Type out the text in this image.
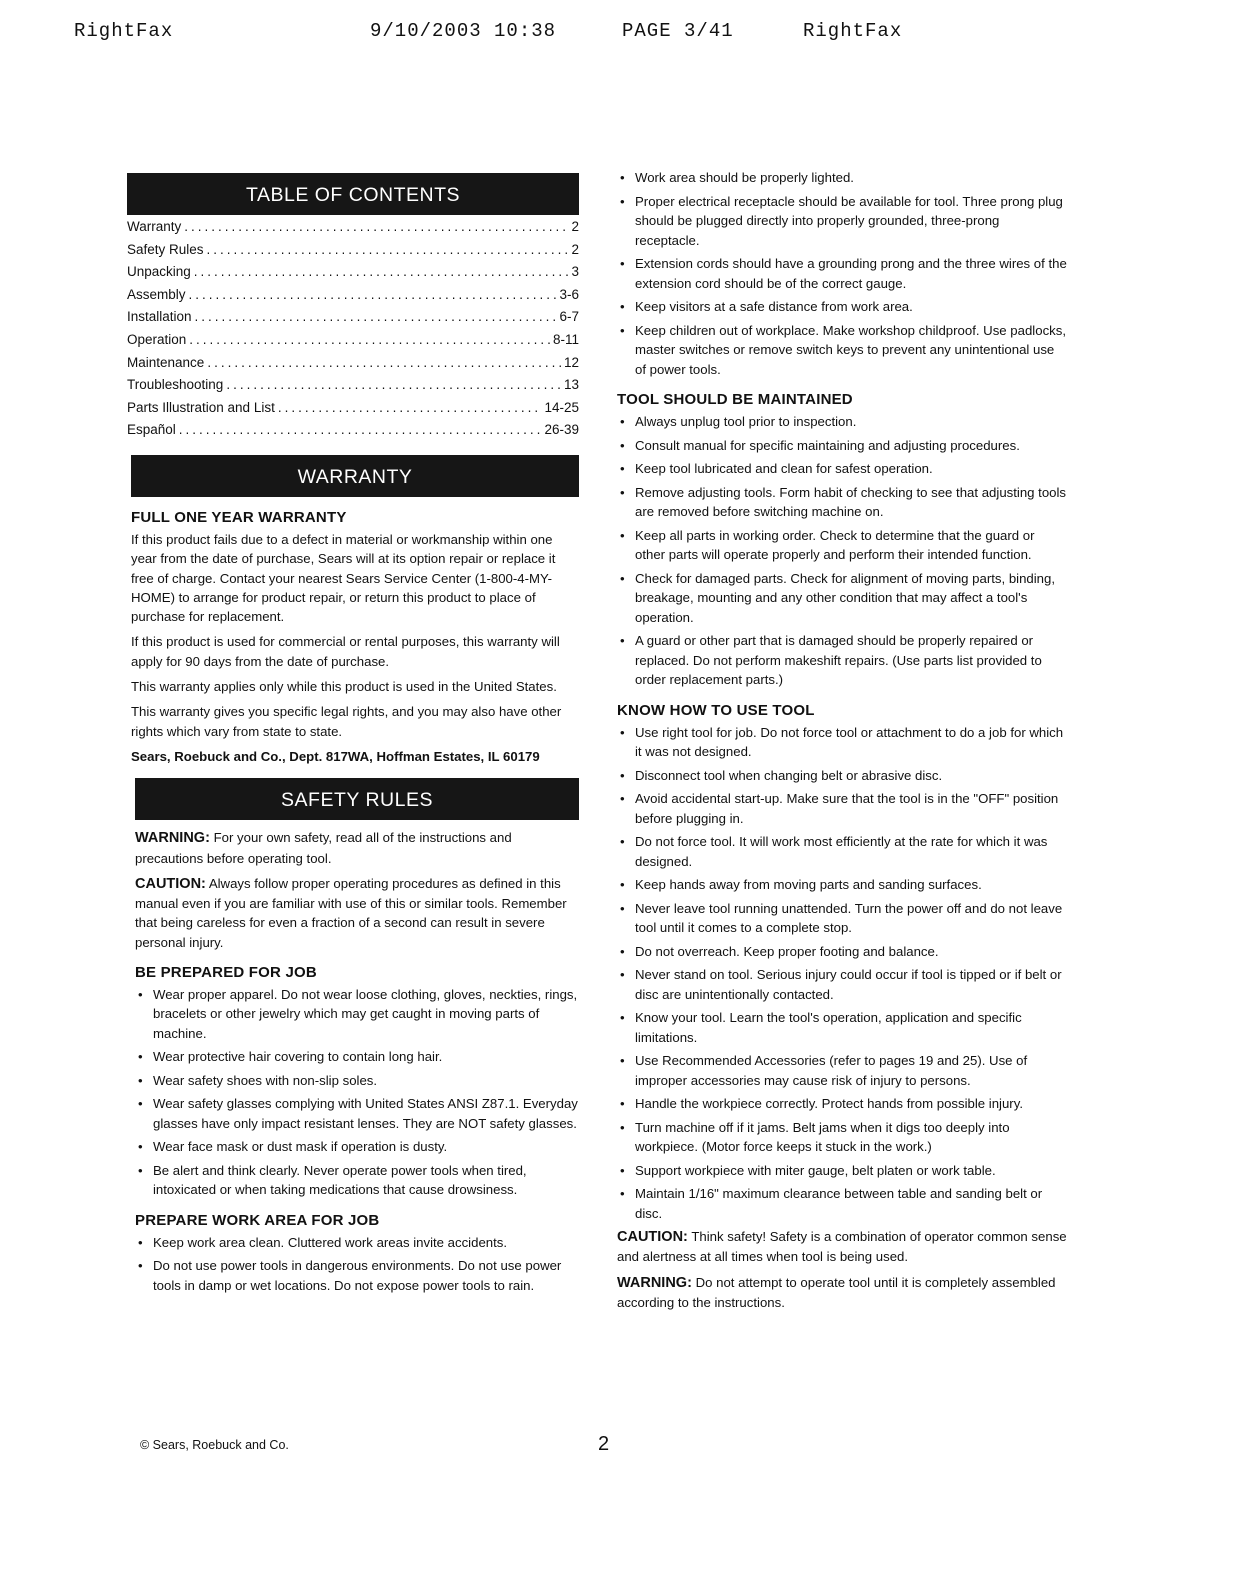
RightFax	9/10/2003 10:38	PAGE 3/41	RightFax
TABLE OF CONTENTS
Warranty .....	2
Safety Rules .....	2
Unpacking .....	3
Assembly .....	3-6
Installation .....	6-7
Operation .....	8-11
Maintenance .....	12
Troubleshooting .....	13
Parts Illustration and List .....	14-25
Español .....	26-39
WARRANTY
FULL ONE YEAR WARRANTY
If this product fails due to a defect in material or workmanship within one year from the date of purchase, Sears will at its option repair or replace it free of charge. Contact your nearest Sears Service Center (1-800-4-MY-HOME) to arrange for product repair, or return this product to place of purchase for replacement.
If this product is used for commercial or rental purposes, this warranty will apply for 90 days from the date of purchase.
This warranty applies only while this product is used in the United States.
This warranty gives you specific legal rights, and you may also have other rights which vary from state to state.
Sears, Roebuck and Co., Dept. 817WA, Hoffman Estates, IL 60179
SAFETY RULES
WARNING: For your own safety, read all of the instructions and precautions before operating tool.
CAUTION: Always follow proper operating procedures as defined in this manual even if you are familiar with use of this or similar tools. Remember that being careless for even a fraction of a second can result in severe personal injury.
BE PREPARED FOR JOB
• Wear proper apparel. Do not wear loose clothing, gloves, neckties, rings, bracelets or other jewelry which may get caught in moving parts of machine.
• Wear protective hair covering to contain long hair.
• Wear safety shoes with non-slip soles.
• Wear safety glasses complying with United States ANSI Z87.1. Everyday glasses have only impact resistant lenses. They are NOT safety glasses.
• Wear face mask or dust mask if operation is dusty.
• Be alert and think clearly. Never operate power tools when tired, intoxicated or when taking medications that cause drowsiness.
PREPARE WORK AREA FOR JOB
• Keep work area clean. Cluttered work areas invite accidents.
• Do not use power tools in dangerous environments. Do not use power tools in damp or wet locations. Do not expose power tools to rain.
• Work area should be properly lighted.
• Proper electrical receptacle should be available for tool. Three prong plug should be plugged directly into properly grounded, three-prong receptacle.
• Extension cords should have a grounding prong and the three wires of the extension cord should be of the correct gauge.
• Keep visitors at a safe distance from work area.
• Keep children out of workplace. Make workshop childproof. Use padlocks, master switches or remove switch keys to prevent any unintentional use of power tools.
TOOL SHOULD BE MAINTAINED
• Always unplug tool prior to inspection.
• Consult manual for specific maintaining and adjusting procedures.
• Keep tool lubricated and clean for safest operation.
• Remove adjusting tools. Form habit of checking to see that adjusting tools are removed before switching machine on.
• Keep all parts in working order. Check to determine that the guard or other parts will operate properly and perform their intended function.
• Check for damaged parts. Check for alignment of moving parts, binding, breakage, mounting and any other condition that may affect a tool's operation.
• A guard or other part that is damaged should be properly repaired or replaced. Do not perform makeshift repairs. (Use parts list provided to order replacement parts.)
KNOW HOW TO USE TOOL
• Use right tool for job. Do not force tool or attachment to do a job for which it was not designed.
• Disconnect tool when changing belt or abrasive disc.
• Avoid accidental start-up. Make sure that the tool is in the "OFF" position before plugging in.
• Do not force tool. It will work most efficiently at the rate for which it was designed.
• Keep hands away from moving parts and sanding surfaces.
• Never leave tool running unattended. Turn the power off and do not leave tool until it comes to a complete stop.
• Do not overreach. Keep proper footing and balance.
• Never stand on tool. Serious injury could occur if tool is tipped or if belt or disc are unintentionally contacted.
• Know your tool. Learn the tool's operation, application and specific limitations.
• Use Recommended Accessories (refer to pages 19 and 25). Use of improper accessories may cause risk of injury to persons.
• Handle the workpiece correctly. Protect hands from possible injury.
• Turn machine off if it jams. Belt jams when it digs too deeply into workpiece. (Motor force keeps it stuck in the work.)
• Support workpiece with miter gauge, belt platen or work table.
• Maintain 1/16" maximum clearance between table and sanding belt or disc.
CAUTION: Think safety! Safety is a combination of operator common sense and alertness at all times when tool is being used.
WARNING: Do not attempt to operate tool until it is completely assembled according to the instructions.
© Sears, Roebuck and Co.	2
